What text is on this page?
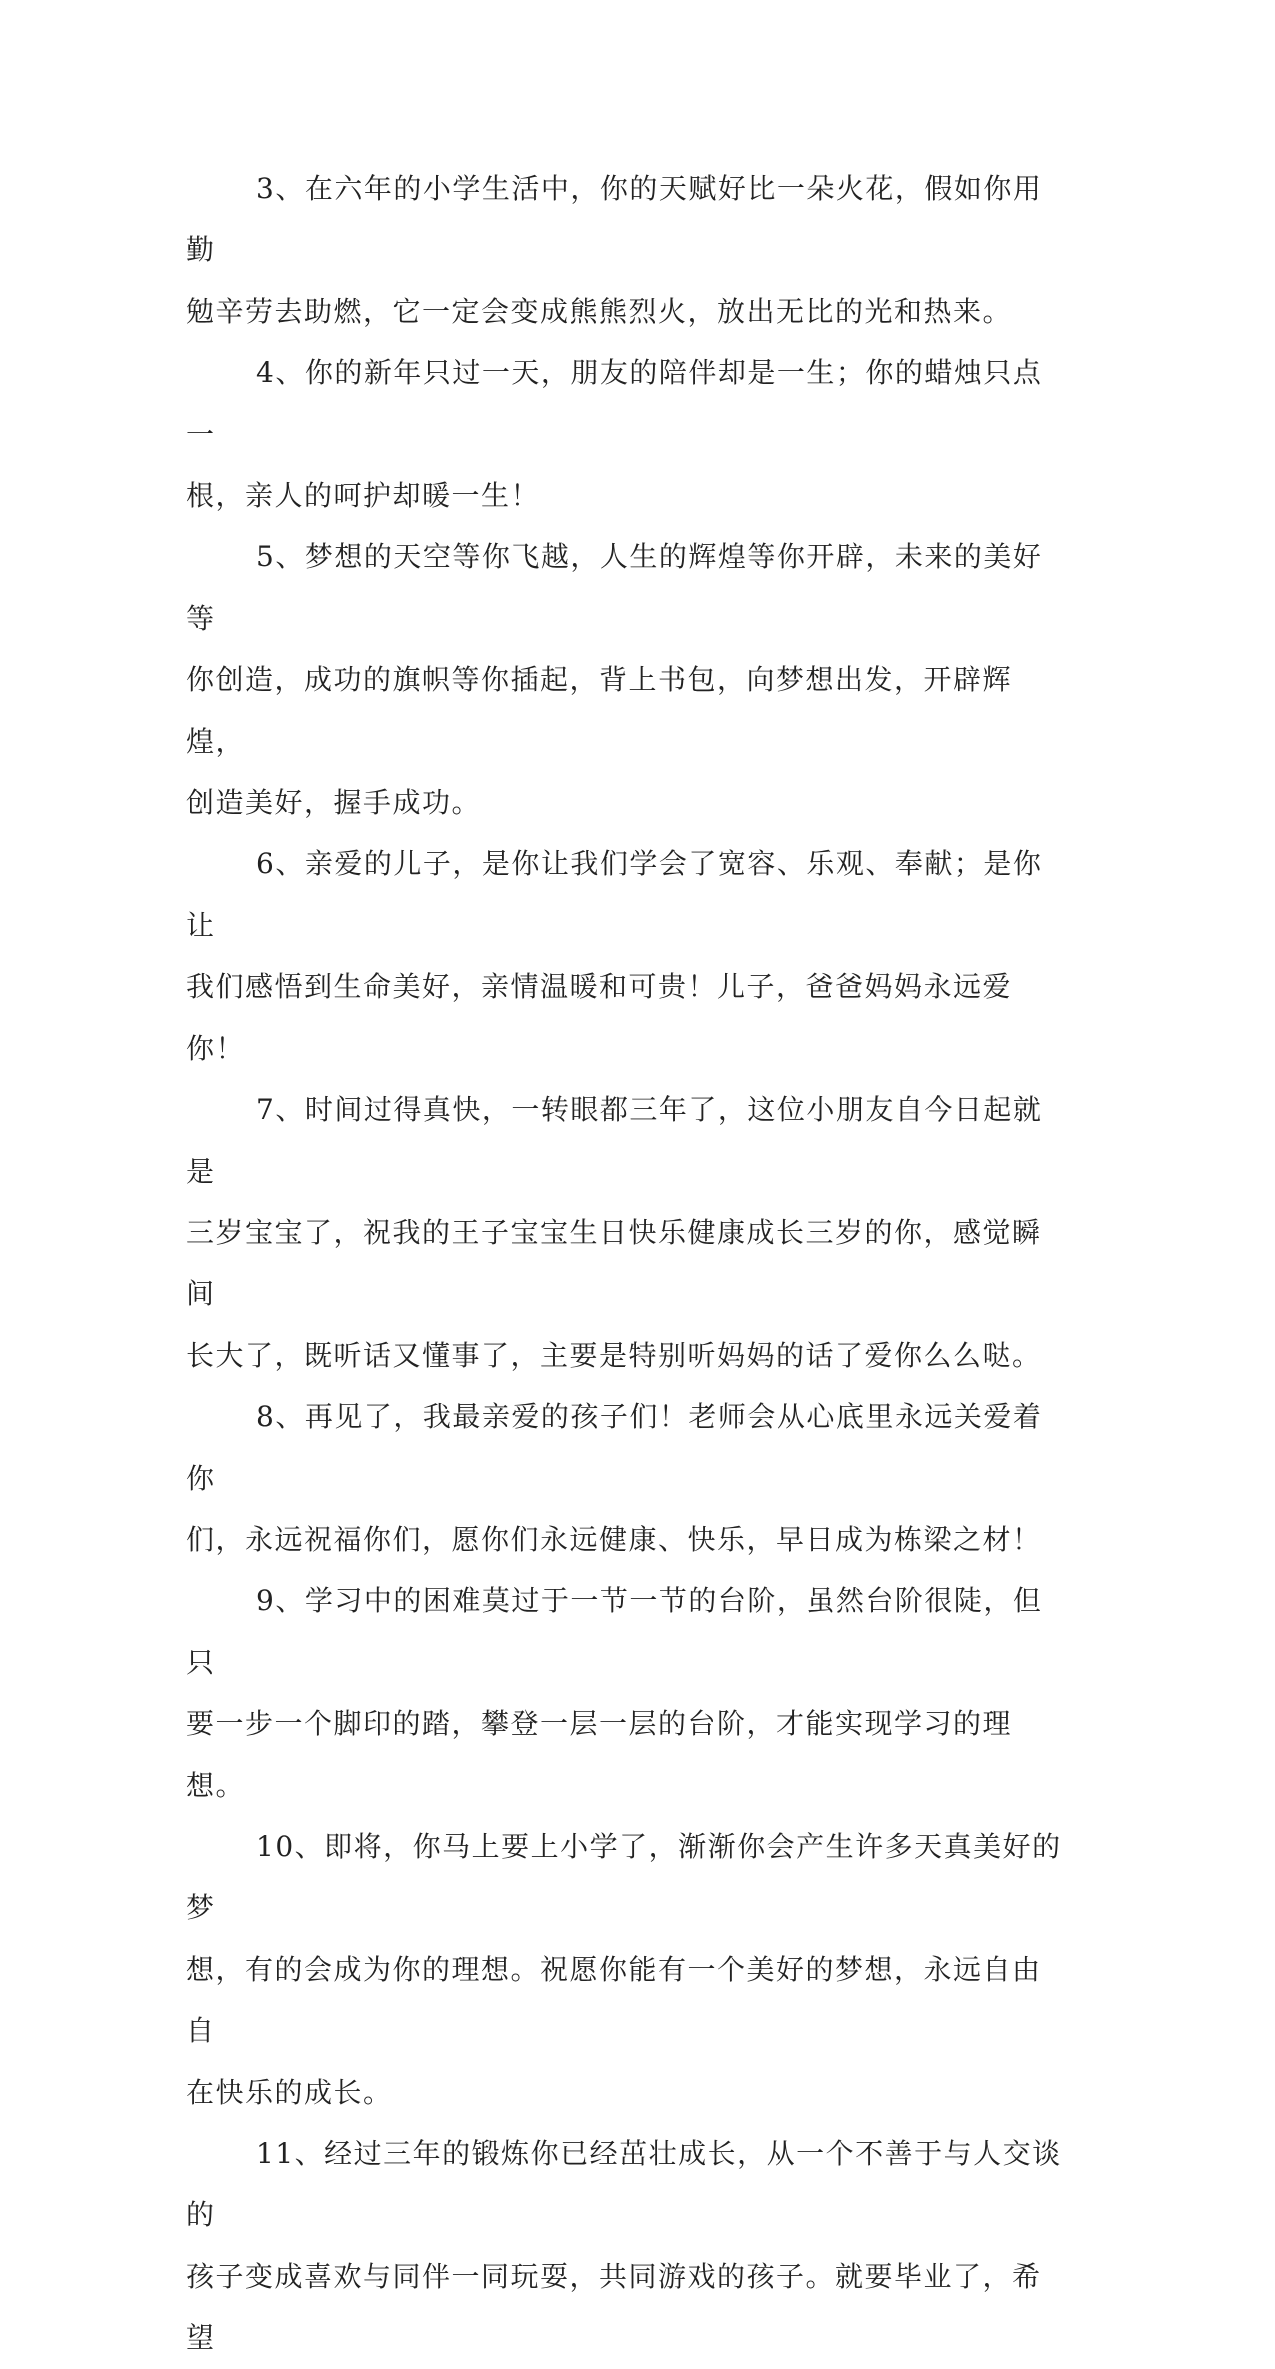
3、在六年的小学生活中，你的天赋好比一朵火花，假如你用勤
勉辛劳去助燃，它一定会变成熊熊烈火，放出无比的光和热来。

4、你的新年只过一天，朋友的陪伴却是一生；你的蜡烛只点一
根，亲人的呵护却暖一生！

5、梦想的天空等你飞越，人生的辉煌等你开辟，未来的美好等
你创造，成功的旗帜等你插起，背上书包，向梦想出发，开辟辉煌，
创造美好，握手成功。

6、亲爱的儿子，是你让我们学会了宽容、乐观、奉献；是你让
我们感悟到生命美好，亲情温暖和可贵！儿子，爸爸妈妈永远爱你！

7、时间过得真快，一转眼都三年了，这位小朋友自今日起就是
三岁宝宝了，祝我的王子宝宝生日快乐健康成长三岁的你，感觉瞬间
长大了，既听话又懂事了，主要是特别听妈妈的话了爱你么么哒。

8、再见了，我最亲爱的孩子们！老师会从心底里永远关爱着你
们，永远祝福你们，愿你们永远健康、快乐，早日成为栋梁之材！

9、学习中的困难莫过于一节一节的台阶，虽然台阶很陡，但只
要一步一个脚印的踏，攀登一层一层的台阶，才能实现学习的理想。

10、即将，你马上要上小学了，渐渐你会产生许多天真美好的梦
想，有的会成为你的理想。祝愿你能有一个美好的梦想，永远自由自
在快乐的成长。

11、经过三年的锻炼你已经茁壮成长，从一个不善于与人交谈的
孩子变成喜欢与同伴一同玩耍，共同游戏的孩子。就要毕业了，希望
